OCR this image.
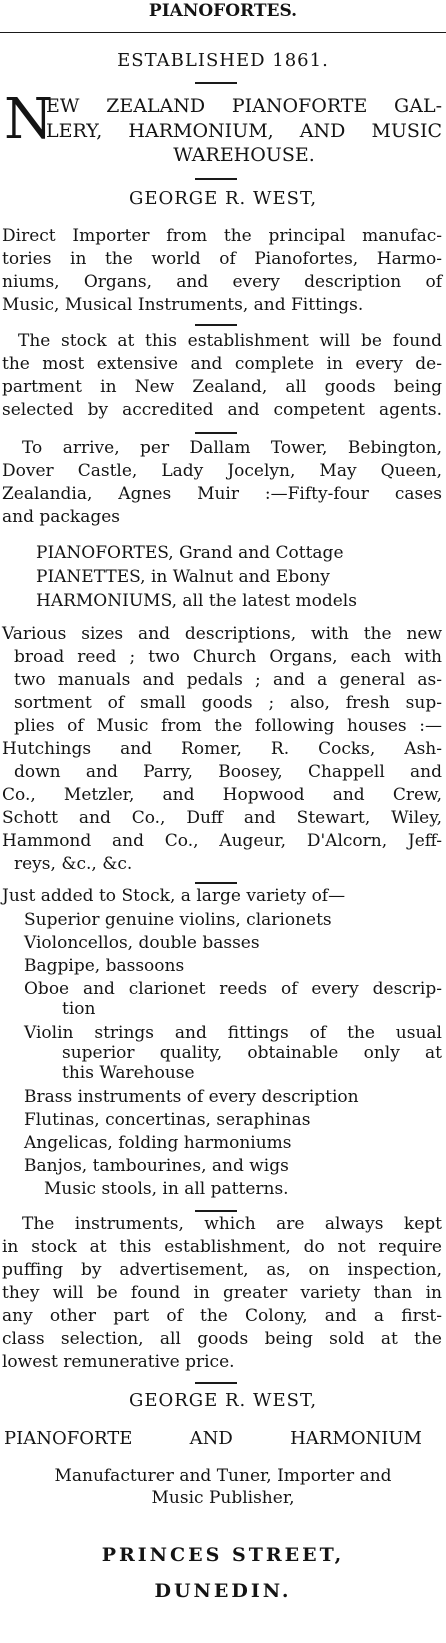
PIANOFORTES.
ESTABLISHED 1861.
N
EW ZEALAND PIANOFORTE GAL-
LERY, HARMONIUM, AND MUSIC
WAREHOUSE.
GEORGE R. WEST,
Direct Importer from the principal manufac-
tories in the world of Pianofortes, Harmo-
niums, Organs, and every description of
Music, Musical Instruments, and Fittings.
The stock at this establishment will be found
the most extensive and complete in every de-
partment in New Zealand, all goods being
selected by accredited and competent agents.
To arrive, per Dallam Tower, Bebington,
Dover Castle, Lady Jocelyn, May Queen,
Zealandia, Agnes Muir :—Fifty-four cases
and packages
PIANOFORTES, Grand and Cottage
PIANETTES, in Walnut and Ebony
HARMONIUMS, all the latest models
Various sizes and descriptions, with the new
broad reed ; two Church Organs, each with
two manuals and pedals ; and a general as-
sortment of small goods ; also, fresh sup-
plies of Music from the following houses :—
Hutchings and Romer, R. Cocks, Ash-
down and Parry, Boosey, Chappell and
Co., Metzler, and Hopwood and Crew,
Schott and Co., Duff and Stewart, Wiley,
Hammond and Co., Augeur, D'Alcorn, Jeff-
reys, &c., &c.
Just added to Stock, a large variety of—
Superior genuine violins, clarionets
Violoncellos, double basses
Bagpipe, bassoons
Oboe and clarionet reeds of every descrip-
tion
Violin strings and fittings of the usual
superior quality, obtainable only at
this Warehouse
Brass instruments of every description
Flutinas, concertinas, seraphinas
Angelicas, folding harmoniums
Banjos, tambourines, and wigs
Music stools, in all patterns.
The instruments, which are always kept
in stock at this establishment, do not require
puffing by advertisement, as, on inspection,
they will be found in greater variety than in
any other part of the Colony, and a first-
class selection, all goods being sold at the
lowest remunerative price.
GEORGE R. WEST,
PIANOFORTE AND HARMONIUM
Manufacturer and Tuner, Importer and
Music Publisher,
PRINCES STREET,
DUNEDIN.
